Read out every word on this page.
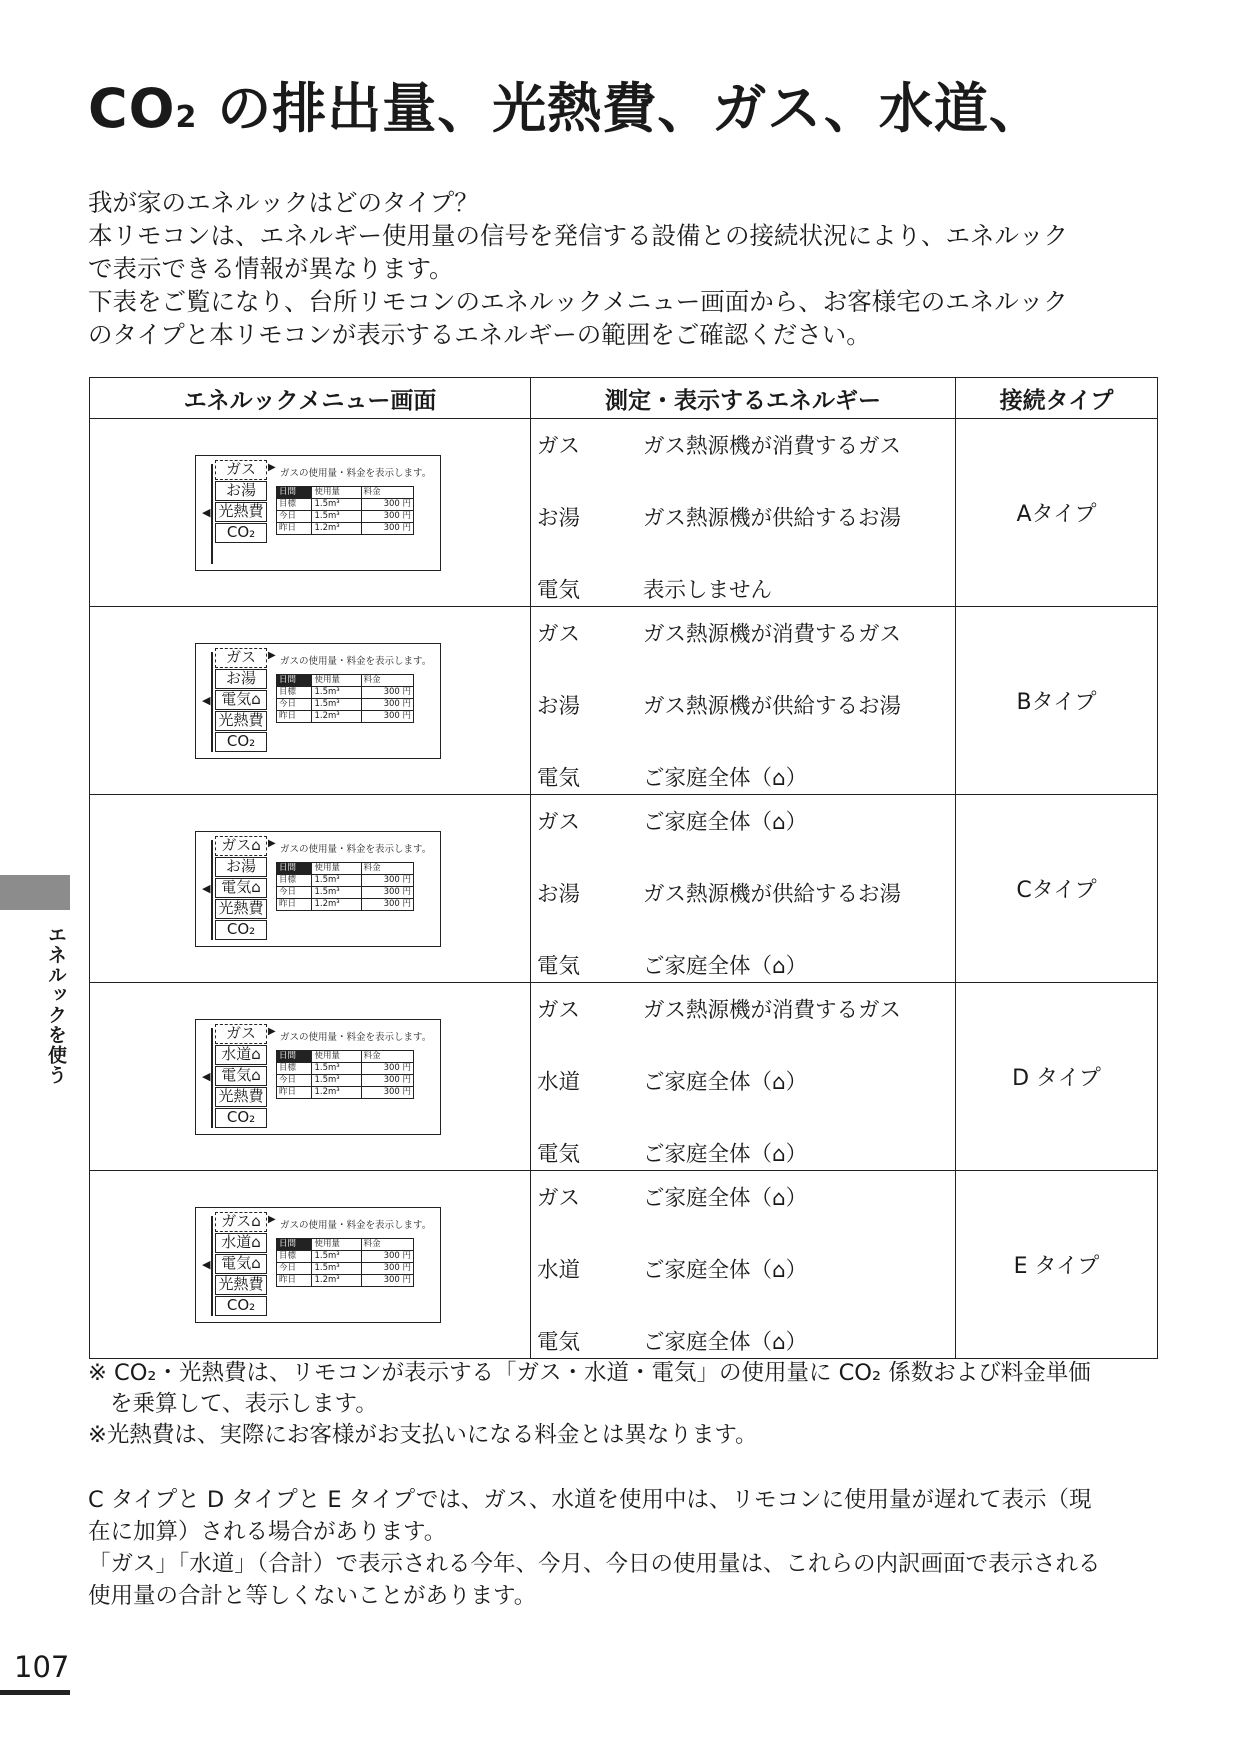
CO2 の排出量、光熱費、ガス、水道、

我が家のエネルックはどのタイプ？

本リモコンは、エネルギー使用量の信号を発信する設備との接続状況により、エネルック

で表示できる情報が異なります。

下表をご覧になり、台所リモコンのエネルックメニュー画面から、お客様宅のエネルック

のタイプと本リモコンが表示するエネルギーの範囲をご確認ください。

エネルックメニュー画面	測定・表示するエネルギー	接続タイプ

◀
ガス
お湯
光熱費
CO₂
▶
ガスの使用量・料金を表示します。
日間	使用量	料金
目標	1.5m³	300 円
今日	1.5m³	300 円
昨日	1.2m³	300 円

ガス	ガス熱源機が消費するガス
お湯	ガス熱源機が供給するお湯
電気	表示しません
	Aタイプ

◀
ガス
お湯
電気⌂
光熱費
CO₂
▶
ガスの使用量・料金を表示します。
日間	使用量	料金
目標	1.5m³	300 円
今日	1.5m³	300 円
昨日	1.2m³	300 円

ガス	ガス熱源機が消費するガス
お湯	ガス熱源機が供給するお湯
電気	ご家庭全体（⌂）
	Bタイプ

◀
ガス⌂
お湯
電気⌂
光熱費
CO₂
▶
ガスの使用量・料金を表示します。
日間	使用量	料金
目標	1.5m³	300 円
今日	1.5m³	300 円
昨日	1.2m³	300 円

ガス	ご家庭全体（⌂）
お湯	ガス熱源機が供給するお湯
電気	ご家庭全体（⌂）
	Cタイプ

◀
ガス
水道⌂
電気⌂
光熱費
CO₂
▶
ガスの使用量・料金を表示します。
日間	使用量	料金
目標	1.5m³	300 円
今日	1.5m³	300 円
昨日	1.2m³	300 円

ガス	ガス熱源機が消費するガス
水道	ご家庭全体（⌂）
電気	ご家庭全体（⌂）
	D タイプ

◀
ガス⌂
水道⌂
電気⌂
光熱費
CO₂
▶
ガスの使用量・料金を表示します。
日間	使用量	料金
目標	1.5m³	300 円
今日	1.5m³	300 円
昨日	1.2m³	300 円

ガス	ご家庭全体（⌂）
水道	ご家庭全体（⌂）
電気	ご家庭全体（⌂）
	E タイプ

※ CO₂・光熱費は、リモコンが表示する「ガス・水道・電気」の使用量に CO₂ 係数および料金単価

を乗算して、表示します。

※光熱費は、実際にお客様がお支払いになる料金とは異なります。

C タイプと D タイプと E タイプでは、ガス、水道を使用中は、リモコンに使用量が遅れて表示（現

在に加算）される場合があります。

「ガス」「水道」（合計）で表示される今年、今月、今日の使用量は、これらの内訳画面で表示される

使用量の合計と等しくないことがあります。

エネルックを使う
107
